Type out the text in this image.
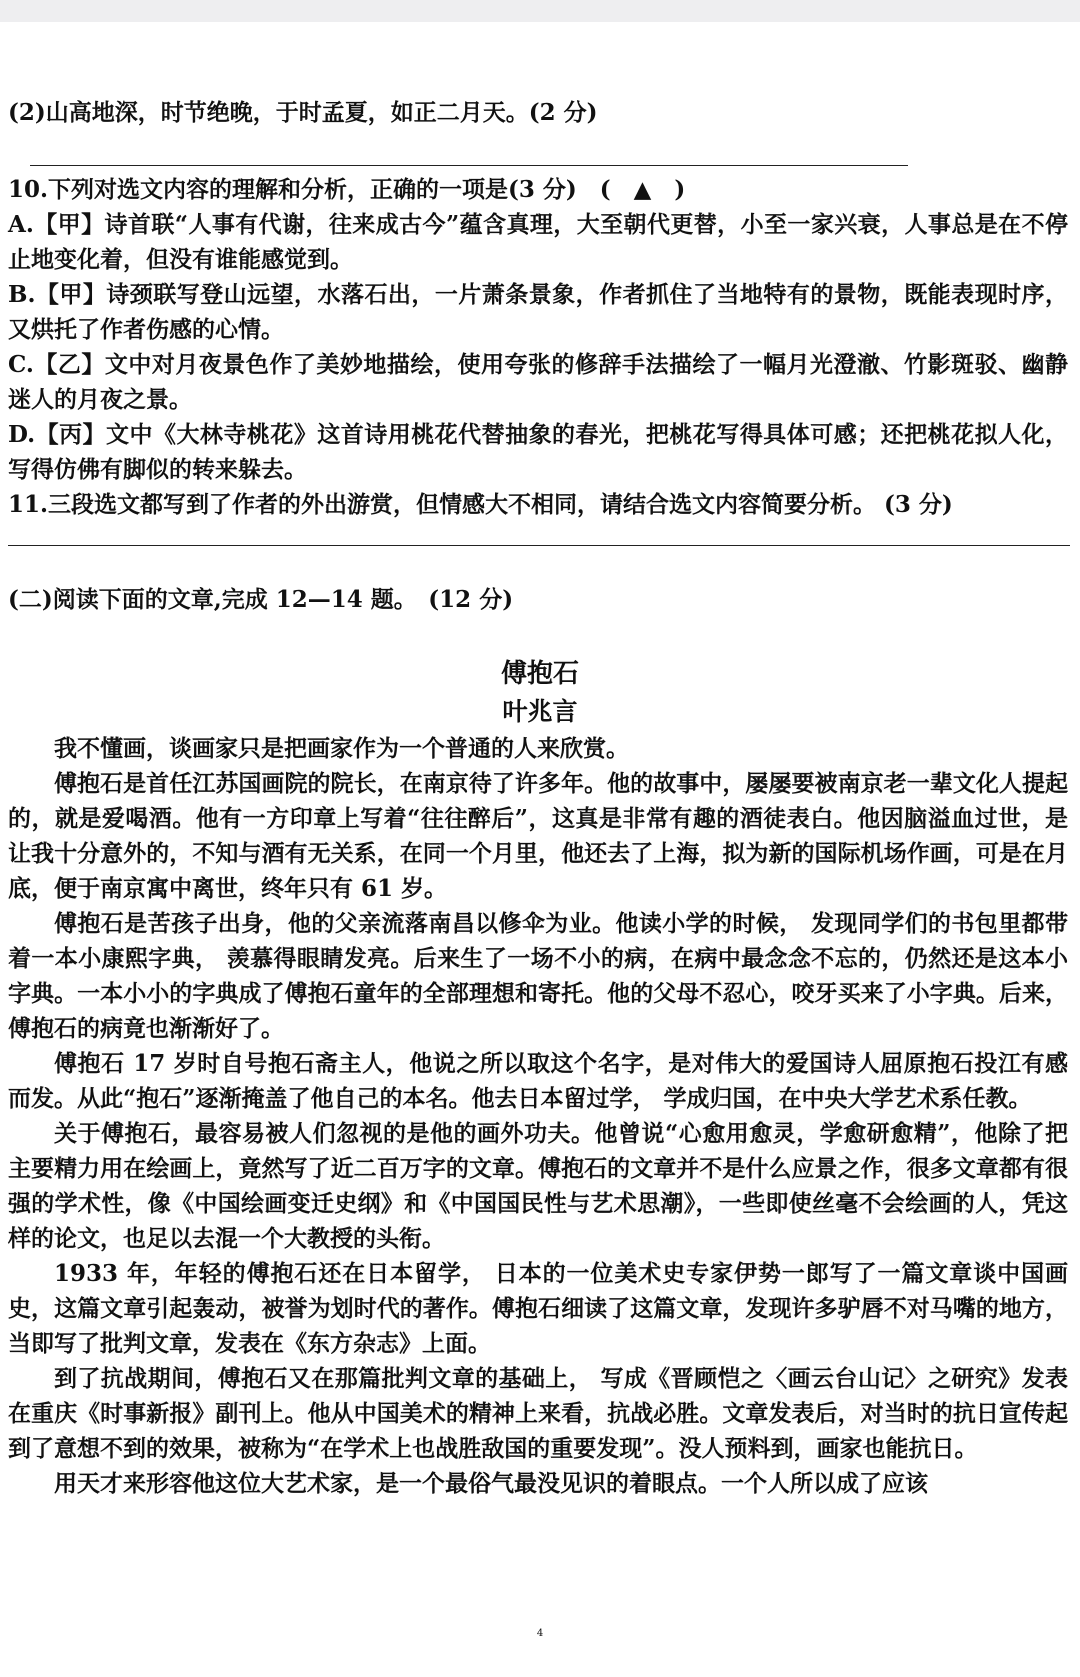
(2)山高地深，时节绝晚，于时孟夏，如正二月天。(2 分)
10.下列对选文内容的理解和分析，正确的一项是(3 分)　(　▲　)
A.【甲】诗首联“人事有代谢，往来成古今”蕴含真理，大至朝代更替，小至一家兴衰，人事总是在不停止地变化着，但没有谁能感觉到。
B.【甲】诗颈联写登山远望，水落石出，一片萧条景象，作者抓住了当地特有的景物，既能表现时序，又烘托了作者伤感的心情。
C.【乙】文中对月夜景色作了美妙地描绘，使用夸张的修辞手法描绘了一幅月光澄澈、竹影斑驳、幽静迷人的月夜之景。
D.【丙】文中《大林寺桃花》这首诗用桃花代替抽象的春光，把桃花写得具体可感；还把桃花拟人化，写得仿佛有脚似的转来躲去。
11.三段选文都写到了作者的外出游赏，但情感大不相同，请结合选文内容简要分析。 (3 分)
(二)阅读下面的文章,完成 12—14 题。　(12 分)
傅抱石
叶兆言
我不懂画，谈画家只是把画家作为一个普通的人来欣赏。
傅抱石是首任江苏国画院的院长，在南京待了许多年。他的故事中，屡屡要被南京老一辈文化人提起的，就是爱喝酒。他有一方印章上写着“往往醉后”，这真是非常有趣的酒徒表白。他因脑溢血过世，是让我十分意外的，不知与酒有无关系，在同一个月里，他还去了上海，拟为新的国际机场作画，可是在月底，便于南京寓中离世，终年只有 61 岁。
傅抱石是苦孩子出身，他的父亲流落南昌以修伞为业。他读小学的时候， 发现同学们的书包里都带着一本小康熙字典， 羡慕得眼睛发亮。后来生了一场不小的病，在病中最念念不忘的，仍然还是这本小字典。一本小小的字典成了傅抱石童年的全部理想和寄托。他的父母不忍心，咬牙买来了小字典。后来，傅抱石的病竟也渐渐好了。
傅抱石 17 岁时自号抱石斋主人，他说之所以取这个名字，是对伟大的爱国诗人屈原抱石投江有感而发。从此“抱石”逐渐掩盖了他自己的本名。他去日本留过学， 学成归国，在中央大学艺术系任教。
关于傅抱石，最容易被人们忽视的是他的画外功夫。他曾说“心愈用愈灵，学愈研愈精”，他除了把主要精力用在绘画上，竟然写了近二百万字的文章。傅抱石的文章并不是什么应景之作，很多文章都有很强的学术性，像《中国绘画变迁史纲》和《中国国民性与艺术思潮》，一些即使丝毫不会绘画的人，凭这样的论文，也足以去混一个大教授的头衔。
1933 年，年轻的傅抱石还在日本留学， 日本的一位美术史专家伊势一郎写了一篇文章谈中国画史，这篇文章引起轰动，被誉为划时代的著作。傅抱石细读了这篇文章，发现许多驴唇不对马嘴的地方， 当即写了批判文章，发表在《东方杂志》上面。
到了抗战期间，傅抱石又在那篇批判文章的基础上， 写成《晋顾恺之〈画云台山记〉之研究》发表在重庆《时事新报》副刊上。他从中国美术的精神上来看，抗战必胜。文章发表后，对当时的抗日宣传起到了意想不到的效果，被称为“在学术上也战胜敌国的重要发现”。没人预料到，画家也能抗日。
用天才来形容他这位大艺术家，是一个最俗气最没见识的着眼点。一个人所以成了应该
4
